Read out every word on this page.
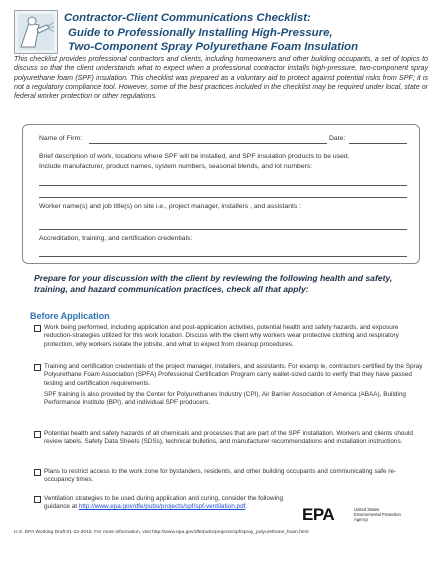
Contractor-Client Communications Checklist:
Guide to Professionally Installing High-Pressure,
Two-Component Spray Polyurethane Foam Insulation
This checklist provides professional contractors and clients, including homeowners and other building occupants, a set of topics to discuss so that the client understands what to expect when a professional contractor installs high-pressure, two-component spray polyurethane foam (SPF) insulation. This checklist was prepared as a voluntary aid to protect against potential risks from SPF; it is not a regulatory compliance tool. However, some of the best practices included in the checklist may be required under local, state or federal worker protection or other regulations.
Name of Firm:	Date:
Brief description of work, locations where SPF will be installed, and SPF insulation products to be used.
Include manufacturer, product names, system numbers, seasonal blends, and lot numbers:
Worker name(s) and job title(s) on site i.e., project manager, installers , and assistants :
Accreditation, training, and certification credentials:
Prepare for your discussion with the client by reviewing the following health and safety, training, and hazard communication practices, check all that apply:
Before Application
Work being performed, including application and post-application activities, potential health and safety hazards, and exposure reduction-strategies utilized for this work location. Discuss with the client why workers wear protective clothing and respiratory protection, why workers isolate the jobsite, and what to expect from cleanup procedures.
Training and certification credentials of the project manager, installers, and assistants. For examp le, contractors certified by the Spray Polyurethane Foam Association (SPFA) Professional Certification Program carry wallet-sized cards to verify that they have passed testing and certification requirements.
SPF training is also provided by the Center for Polyurethanes Industry (CPI), Air Barrier Association of America (ABAA), Building Performance Institute (BPI), and individual SPF producers.
Potential health and safety hazards of all chemicals and processes that are part of the SPF installation. Workers and clients should review labels, Safety Data Sheets (SDSs), technical bulletins, and manufacturer recommendations and installation instructions.
Plans to restrict access to the work zone for bystanders, residents, and other building occupants and communicating safe re-occupancy times.
Ventilation strategies to be used during application and curing, consider the following guidance at http://www.epa.gov/dfe/pubs/projects/spf/spf-ventilation.pdf.	EPA	United States
Environmental Protection
Agency
U.S. EPA Working Draft 01-22-2015. For more information, visit http://www.epa.gov/dfe/pubs/projects/spf/spray_polyurethane_foam.html
